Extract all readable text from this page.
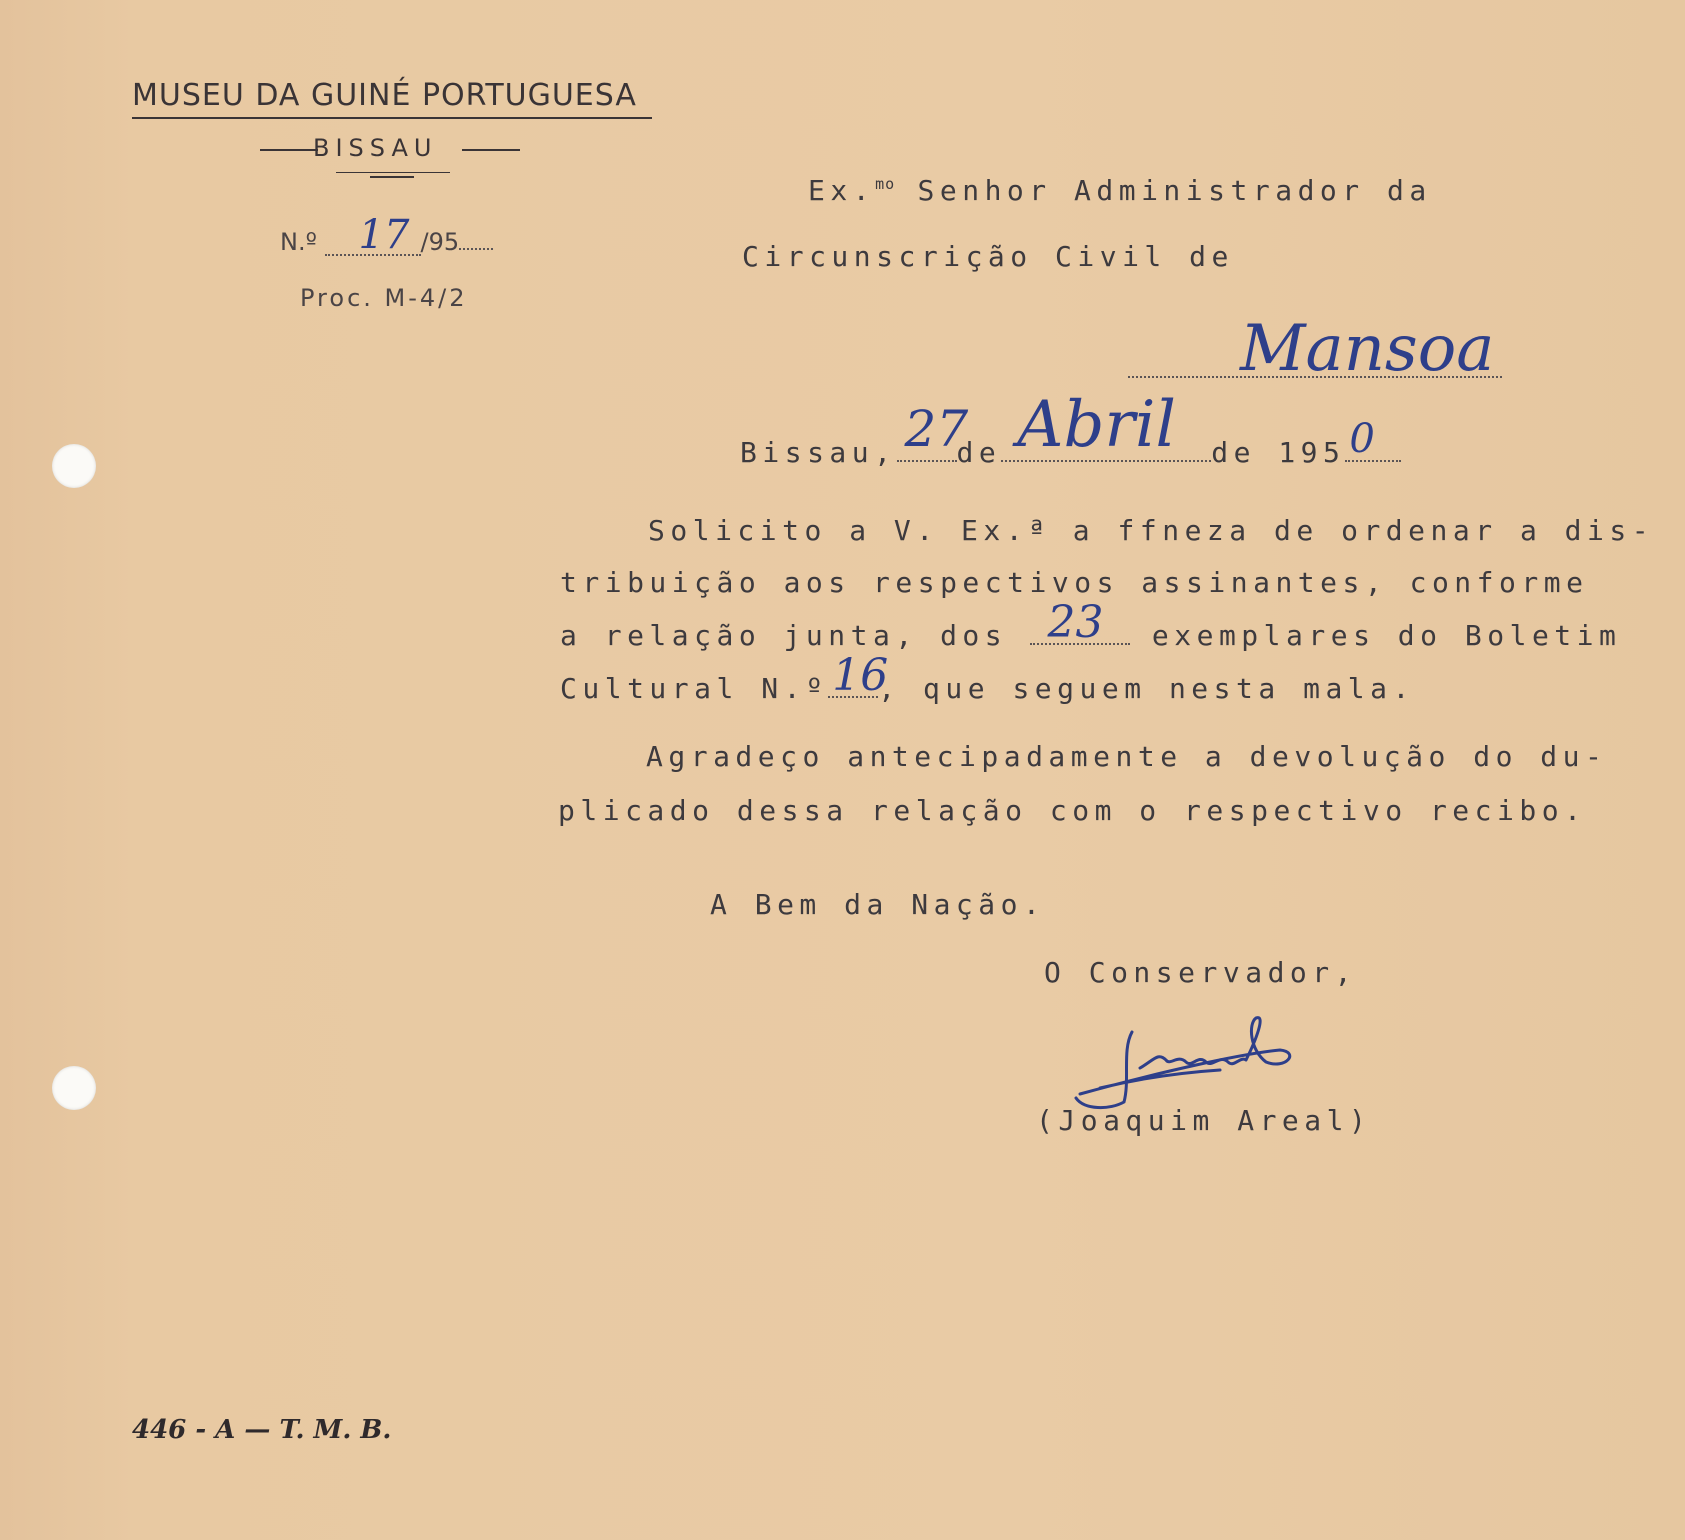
MUSEU DA GUINÉ PORTUGUESA
BISSAU
N.º 17 /95
Proc. M-4/2
Ex.$^{mo}$ Senhor Administrador da
Circunscrição Civil de
Mansoa
Bissau, 27
de Abril de 195 0
Solicito a V. Ex.ª a ffneza de ordenar a dis-
tribuição aos respectivos assinantes, conforme
a relação junta, dos 23 exemplares do Boletim
Cultural N.º 16
, que seguem nesta mala.
Agradeço antecipadamente a devolução do du-
plicado dessa relação com o respectivo recibo.
A Bem da Nação.
O Conservador,
(Joaquim Areal)
446 - A — T. M. B.
